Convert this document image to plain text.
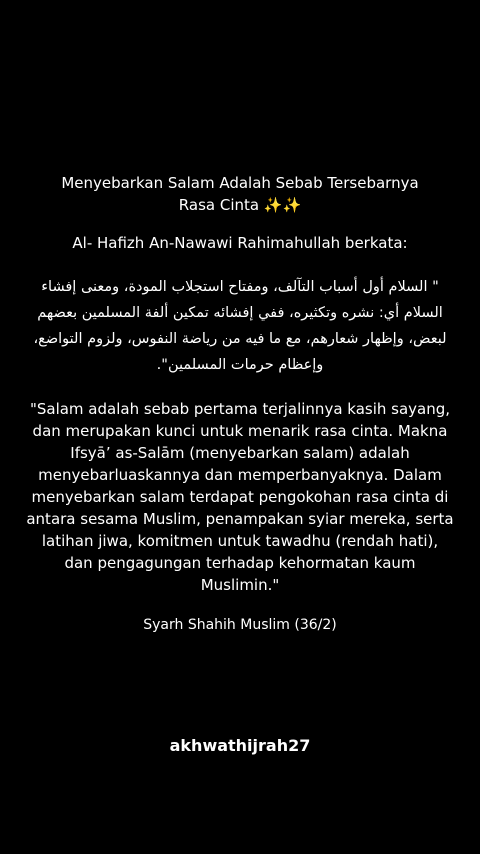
Menyebarkan Salam Adalah Sebab Tersebarnya
Rasa Cinta ✨✨

Al- Hafizh An-Nawawi Rahimahullah berkata:

" السلام أول أسباب التآلف، ومفتاح استجلاب المودة، ومعنى إفشاء السلام أي: نشره وتكثيره، ففي إفشائه تمكين ألفة المسلمين بعضهم لبعض، وإظهار شعارهم، مع ما فيه من رياضة النفوس، ولزوم التواضع، وإعظام حرمات المسلمين".

"Salam adalah sebab pertama terjalinnya kasih sayang, dan merupakan kunci untuk menarik rasa cinta. Makna Ifsyā’ as-Salām (menyebarkan salam) adalah menyebarluaskannya dan memperbanyaknya. Dalam menyebarkan salam terdapat pengokohan rasa cinta di antara sesama Muslim, penampakan syiar mereka, serta latihan jiwa, komitmen untuk tawadhu (rendah hati), dan pengagungan terhadap kehormatan kaum Muslimin."

Syarh Shahih Muslim (36/2)

akhwathijrah27
